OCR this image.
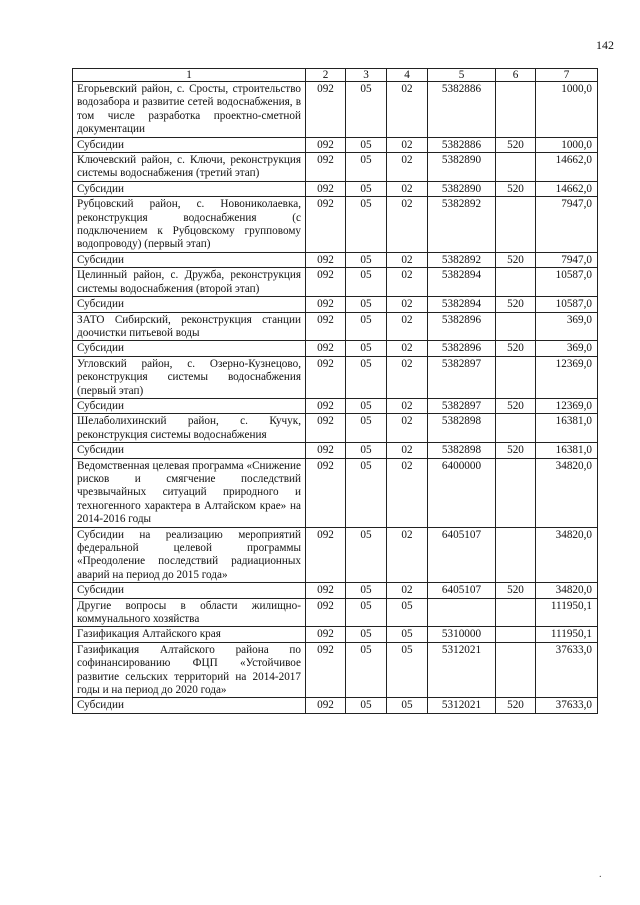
142
1	2	3	4	5	6	7
Егорьевский район, с. Сросты, строительство водозабора и развитие сетей водоснабжения, в том числе разработка проектно-сметной документации	092	05	02	5382886		1000,0
Субсидии	092	05	02	5382886	520	1000,0
Ключевский район, с. Ключи, реконструкция системы водоснабжения (третий этап)	092	05	02	5382890		14662,0
Субсидии	092	05	02	5382890	520	14662,0
Рубцовский район, с. Новониколаевка, реконструкция водоснабжения (с подключением к Рубцовскому групповому водопроводу) (первый этап)	092	05	02	5382892		7947,0
Субсидии	092	05	02	5382892	520	7947,0
Целинный район, с. Дружба, реконструкция системы водоснабжения (второй этап)	092	05	02	5382894		10587,0
Субсидии	092	05	02	5382894	520	10587,0
ЗАТО Сибирский, реконструкция станции доочистки питьевой воды	092	05	02	5382896		369,0
Субсидии	092	05	02	5382896	520	369,0
Угловский район, с. Озерно-Кузнецово, реконструкция системы водоснабжения (первый этап)	092	05	02	5382897		12369,0
Субсидии	092	05	02	5382897	520	12369,0
Шелаболихинский район, с. Кучук, реконструкция системы водоснабжения	092	05	02	5382898		16381,0
Субсидии	092	05	02	5382898	520	16381,0
Ведомственная целевая программа «Снижение рисков и смягчение последствий чрезвычайных ситуаций природного и техногенного характера в Алтайском крае» на 2014-2016 годы	092	05	02	6400000		34820,0
Субсидии на реализацию мероприятий федеральной целевой программы «Преодоление последствий радиационных аварий на период до 2015 года»	092	05	02	6405107		34820,0
Субсидии	092	05	02	6405107	520	34820,0
Другие вопросы в области жилищно-коммунального хозяйства	092	05	05			111950,1
Газификация Алтайского края	092	05	05	5310000		111950,1
Газификация Алтайского района по софинансированию ФЦП «Устойчивое развитие сельских территорий на 2014-2017 годы и на период до 2020 года»	092	05	05	5312021		37633,0
Субсидии	092	05	05	5312021	520	37633,0
·
